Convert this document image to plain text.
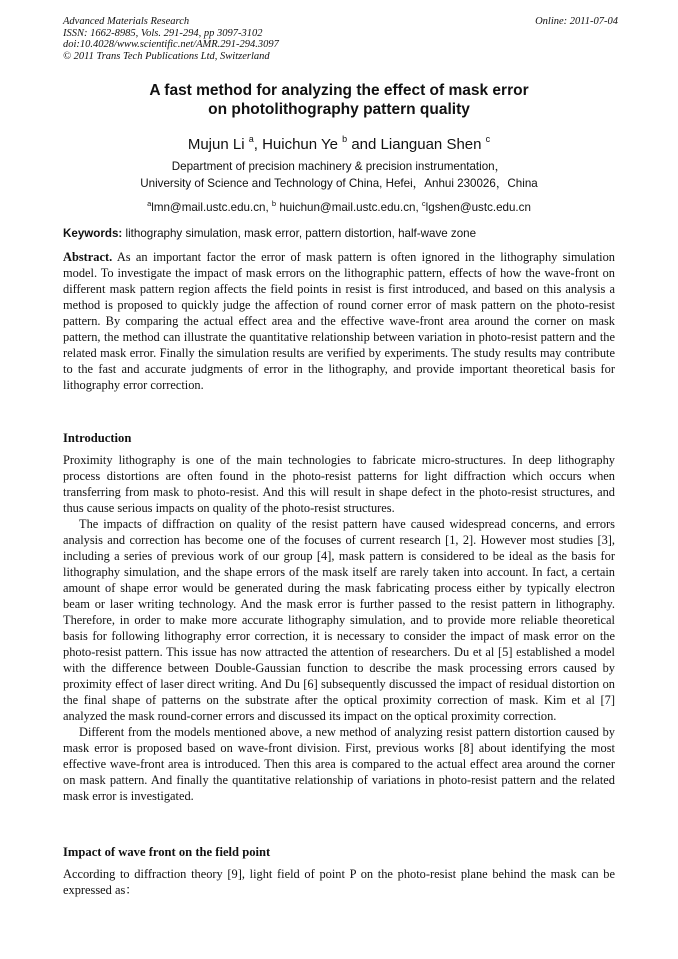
Advanced Materials Research
ISSN: 1662-8985, Vols. 291-294, pp 3097-3102
doi:10.4028/www.scientific.net/AMR.291-294.3097
© 2011 Trans Tech Publications Ltd, Switzerland
Online: 2011-07-04
A fast method for analyzing the effect of mask error
on photolithography pattern quality
Mujun Li $^a$, Huichun Ye $^b$ and Lianguan Shen $^c$
Department of precision machinery & precision instrumentation，
University of Science and Technology of China, Hefei，Anhui 230026，China
$^a$lmn@mail.ustc.edu.cn, $^b$ huichun@mail.ustc.edu.cn, $^c$lgshen@ustc.edu.cn
Keywords: lithography simulation, mask error, pattern distortion, half-wave zone

Abstract. As an important factor the error of mask pattern is often ignored in the lithography simulation model. To investigate the impact of mask errors on the lithographic pattern, effects of how the wave-front on different mask pattern region affects the field points in resist is first introduced, and based on this analysis a method is proposed to quickly judge the affection of round corner error of mask pattern on the photo-resist pattern. By comparing the actual effect area and the effective wave-front area around the corner on mask pattern, the method can illustrate the quantitative relationship between variation in photo-resist pattern and the related mask error. Finally the simulation results are verified by experiments. The study results may contribute to the fast and accurate judgments of error in the lithography, and provide important theoretical basis for lithography error correction.

Introduction

Proximity lithography is one of the main technologies to fabricate micro-structures. In deep lithography process distortions are often found in the photo-resist patterns for light diffraction which occurs when transferring from mask to photo-resist. And this will result in shape defect in the photo-resist structures, and thus cause serious impacts on quality of the photo-resist structures.

The impacts of diffraction on quality of the resist pattern have caused widespread concerns, and errors analysis and correction has become one of the focuses of current research [1, 2]. However most studies [3], including a series of previous work of our group [4], mask pattern is considered to be ideal as the basis for lithography simulation, and the shape errors of the mask itself are rarely taken into account. In fact, a certain amount of shape error would be generated during the mask fabricating process either by typically electron beam or laser writing technology. And the mask error is further passed to the resist pattern in lithography. Therefore, in order to make more accurate lithography simulation, and to provide more reliable theoretical basis for following lithography error correction, it is necessary to consider the impact of mask error on the photo-resist pattern. This issue has now attracted the attention of researchers. Du et al [5] established a model with the difference between Double-Gaussian function to describe the mask processing errors caused by proximity effect of laser direct writing. And Du [6] subsequently discussed the impact of residual distortion on the final shape of patterns on the substrate after the optical proximity correction of mask. Kim et al [7] analyzed the mask round-corner errors and discussed its impact on the optical proximity correction.

Different from the models mentioned above, a new method of analyzing resist pattern distortion caused by mask error is proposed based on wave-front division. First, previous works [8] about identifying the most effective wave-front area is introduced. Then this area is compared to the actual effect area around the corner on mask pattern. And finally the quantitative relationship of variations in photo-resist pattern and the related mask error is investigated.

Impact of wave front on the field point

According to diffraction theory [9], light field of point P on the photo-resist plane behind the mask can be expressed as：
